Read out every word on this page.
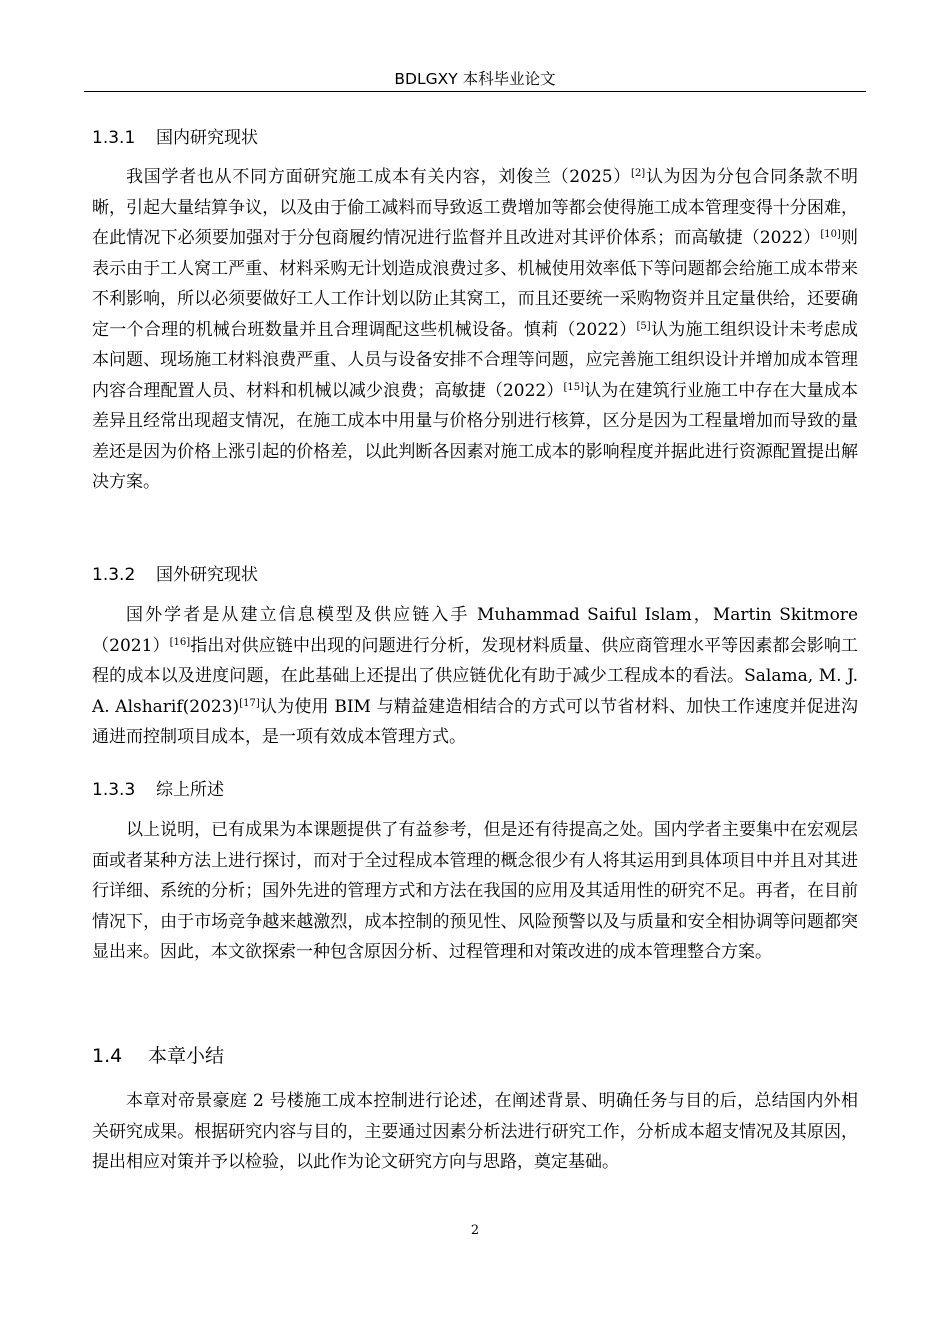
BDLGXY 本科毕业论文
1.3.1 国内研究现状
我国学者也从不同方面研究施工成本有关内容，刘俊兰（2025）[2]认为因为分包合同条款不明晰，引起大量结算争议，以及由于偷工减料而导致返工费增加等都会使得施工成本管理变得十分困难，在此情况下必须要加强对于分包商履约情况进行监督并且改进对其评价体系；而高敏捷（2022）[10]则表示由于工人窝工严重、材料采购无计划造成浪费过多、机械使用效率低下等问题都会给施工成本带来不利影响，所以必须要做好工人工作计划以防止其窝工，而且还要统一采购物资并且定量供给，还要确定一个合理的机械台班数量并且合理调配这些机械设备。慎莉（2022）[5]认为施工组织设计未考虑成本问题、现场施工材料浪费严重、人员与设备安排不合理等问题，应完善施工组织设计并增加成本管理内容合理配置人员、材料和机械以减少浪费；高敏捷（2022）[15]认为在建筑行业施工中存在大量成本差异且经常出现超支情况，在施工成本中用量与价格分别进行核算，区分是因为工程量增加而导致的量差还是因为价格上涨引起的价格差，以此判断各因素对施工成本的影响程度并据此进行资源配置提出解决方案。
1.3.2 国外研究现状
国外学者是从建立信息模型及供应链入手 Muhammad Saiful Islam，Martin Skitmore（2021）[16]指出对供应链中出现的问题进行分析，发现材料质量、供应商管理水平等因素都会影响工程的成本以及进度问题，在此基础上还提出了供应链优化有助于减少工程成本的看法。Salama, M. J. A. Alsharif(2023)[17]认为使用 BIM 与精益建造相结合的方式可以节省材料、加快工作速度并促进沟通进而控制项目成本，是一项有效成本管理方式。
1.3.3 综上所述
以上说明，已有成果为本课题提供了有益参考，但是还有待提高之处。国内学者主要集中在宏观层面或者某种方法上进行探讨，而对于全过程成本管理的概念很少有人将其运用到具体项目中并且对其进行详细、系统的分析；国外先进的管理方式和方法在我国的应用及其适用性的研究不足。再者，在目前情况下，由于市场竞争越来越激烈，成本控制的预见性、风险预警以及与质量和安全相协调等问题都突显出来。因此，本文欲探索一种包含原因分析、过程管理和对策改进的成本管理整合方案。
1.4 本章小结
本章对帝景豪庭 2 号楼施工成本控制进行论述，在阐述背景、明确任务与目的后，总结国内外相关研究成果。根据研究内容与目的，主要通过因素分析法进行研究工作，分析成本超支情况及其原因，提出相应对策并予以检验，以此作为论文研究方向与思路，奠定基础。
2
